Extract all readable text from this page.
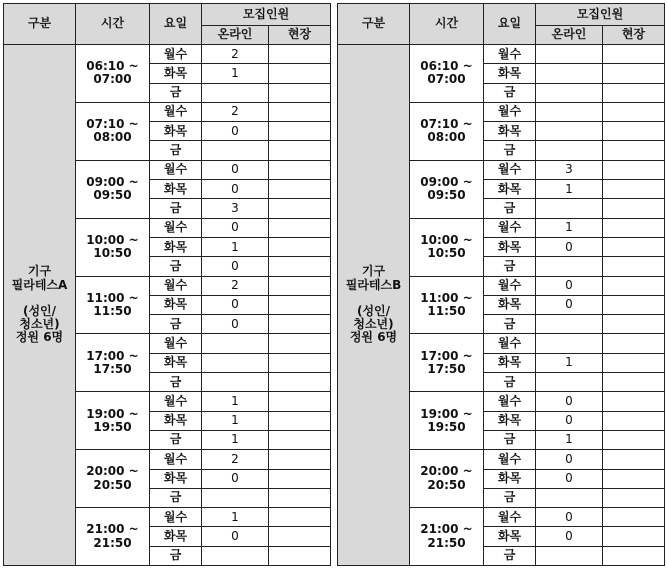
구분	시간	요일	모집인원	
			온라인	현장

기구
필라테스A

(성인/
청소년)
정원 6명	06:10 ~
07:00	월수	2	
		화목	1	
		금		

	07:10 ~
08:00	월수	2	
		화목	0	
		금		

	09:00 ~
09:50	월수	0	
		화목	0	
		금	3	

	10:00 ~
10:50	월수	0	
		화목	1	
		금	0	

	11:00 ~
11:50	월수	2	
		화목	0	
		금	0	

	17:00 ~
17:50	월수		
		화목		
		금		

	19:00 ~
19:50	월수	1	
		화목	1	
		금	1	

	20:00 ~
20:50	월수	2	
		화목	0	
		금		

	21:00 ~
21:50	월수	1	
		화목	0	
		금		
구분	시간	요일	모집인원	
			온라인	현장

기구
필라테스B

(성인/
청소년)
정원 6명	06:10 ~
07:00	월수		
		화목		
		금		

	07:10 ~
08:00	월수		
		화목		
		금		

	09:00 ~
09:50	월수	3	
		화목	1	
		금		

	10:00 ~
10:50	월수	1	
		화목	0	
		금		

	11:00 ~
11:50	월수	0	
		화목	0	
		금		

	17:00 ~
17:50	월수		
		화목	1	
		금		

	19:00 ~
19:50	월수	0	
		화목	0	
		금	1	

	20:00 ~
20:50	월수	0	
		화목	0	
		금		

	21:00 ~
21:50	월수	0	
		화목	0	
		금		
